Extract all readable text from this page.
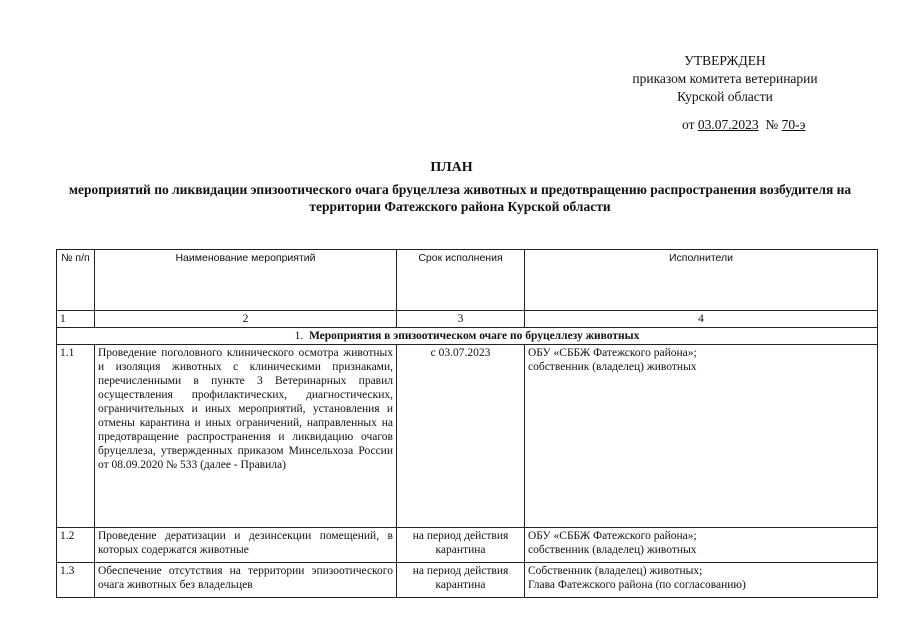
УТВЕРЖДЕН
приказом комитета ветеринарии
Курской области
от 03.07.2023  № 70-э
ПЛАН
мероприятий по ликвидации эпизоотического очага бруцеллеза животных и предотвращению распространения возбудителя на территории Фатежского района Курской области
№ п/п	Наименование мероприятий	Срок исполнения	Исполнители
1	2	3	4
1. Мероприятия в эпизоотическом очаге по бруцеллезу животных			
1.1	Проведение поголовного клинического осмотра животных и изоляция животных с клиническими признаками, перечисленными в пункте 3 Ветеринарных правил осуществления профилактических, диагностических, ограничительных и иных мероприятий, установления и отмены карантина и иных ограничений, направленных на предотвращение распространения и ликвидацию очагов бруцеллеза, утвержденных приказом Минсельхоза России от 08.09.2020 № 533 (далее - Правила)	с 03.07.2023	ОБУ «СББЖ Фатежского района»;
собственник (владелец) животных

1.2	Проведение дератизации и дезинсекции помещений, в которых содержатся животные	на период действия карантина	ОБУ «СББЖ Фатежского района»;
собственник (владелец) животных

1.3	Обеспечение отсутствия на территории эпизоотического очага животных без владельцев	на период действия карантина	Собственник (владелец) животных;
Глава Фатежского района (по согласованию)
